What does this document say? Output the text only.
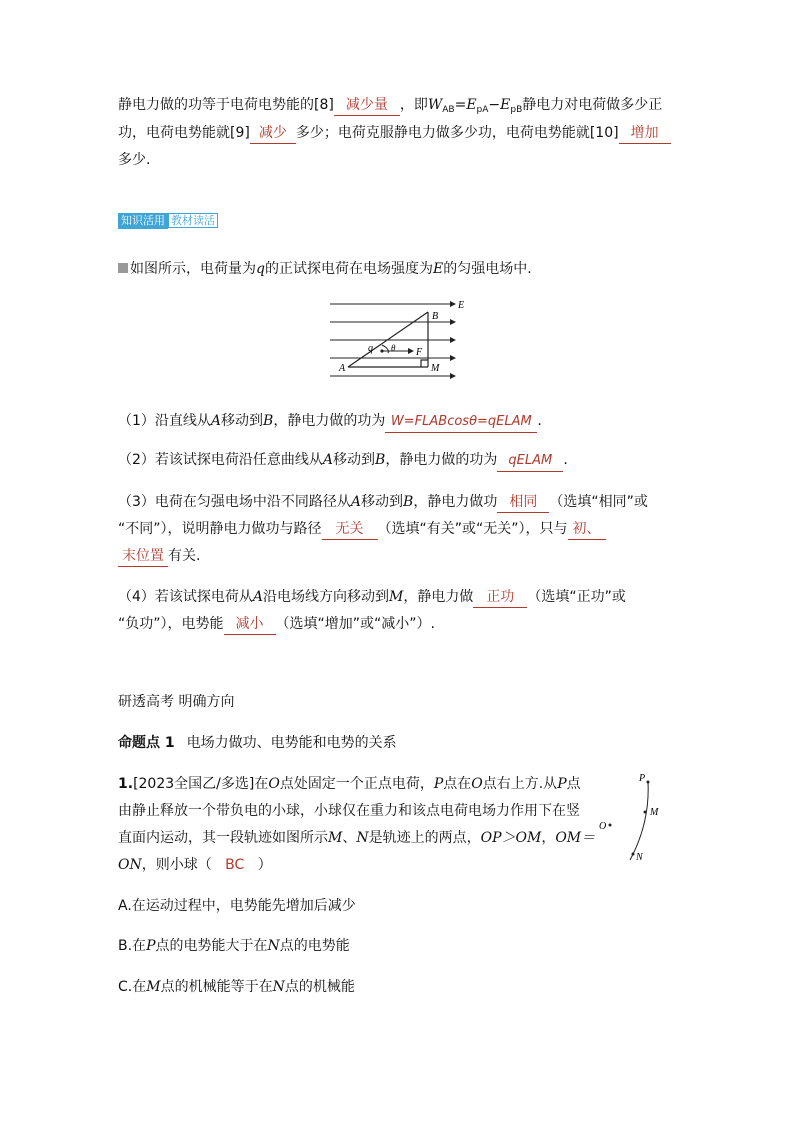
静电力做的功等于电荷电势能的[8] 减少量 ，即$W_{AB}=E_{pA}-E_{pB}$静电力对电荷做多少正
功，电荷电势能就[9] 减少 多少；电荷克服静电力做多少功，电荷电势能就[10] 增加
多少.
知识活用 教材读活
如图所示，电荷量为q的正试探电荷在电场强度为E的匀强电场中.
E
B
q θ F
A	M
（1）沿直线从A移动到B，静电力做的功为 W=FLABcosθ=qELAM .
（2）若该试探电荷沿任意曲线从A移动到B，静电力做的功为 qELAM .
（3）电荷在匀强电场中沿不同路径从A移动到B，静电力做功 相同 （选填“相同”或
“不同”），说明静电力做功与路径 无关 （选填“有关”或“无关”），只与 初、
末位置 有关.
（4）若该试探电荷从A沿电场线方向移动到M，静电力做 正功 （选填“正功”或
“负功”），电势能 减小 （选填“增加”或“减小”）.
研透高考 明确方向
命题点 1 电场力做功、电势能和电势的关系
1.[2023全国乙/多选]在O点处固定一个正点电荷，P点在O点右上方.从P点
由静止释放一个带负电的小球，小球仅在重力和该点电荷电场力作用下在竖
直面内运动，其一段轨迹如图所示M、N是轨迹上的两点，OP＞OM，OM＝
ON，则小球（ BC ）
A.在运动过程中，电势能先增加后减少
B.在P点的电势能大于在N点的电势能
C.在M点的机械能等于在N点的机械能
P
M
O
N
